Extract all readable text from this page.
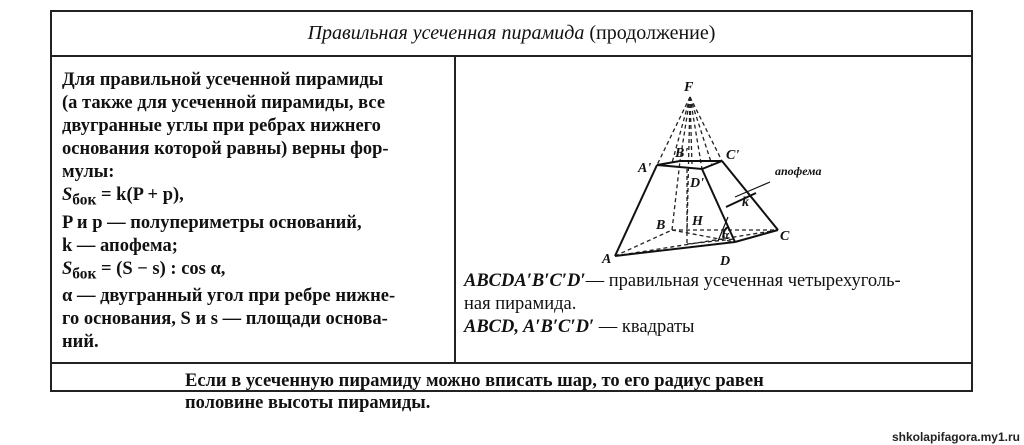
Правильная усеченная пирамида (продолжение)
Для правильной усеченной пирамиды
(а также для усеченной пирамиды, все
двугранные углы при ребрах нижнего
основания которой равны) верны фор-
мулы:
$S_{бок} = k(P + p)$,
P и p — полупериметры оснований,
k — апофема;
$S_{бок} = (S - s)$ : cos α,
α — двугранный угол при ребре нижне-
го основания, S и s — площади основа-
ний.
F
A'
B'	C'
D'
B H
C
A	D
α
k
апофема
ABCDA′B′C′D′— правильная усеченная четырехуголь-
ная пирамида.
ABCD, A′B′C′D′ — квадраты
Если в усеченную пирамиду можно вписать шар, то его радиус равен
половине высоты пирамиды.
shkolapifagora.my1.ru
